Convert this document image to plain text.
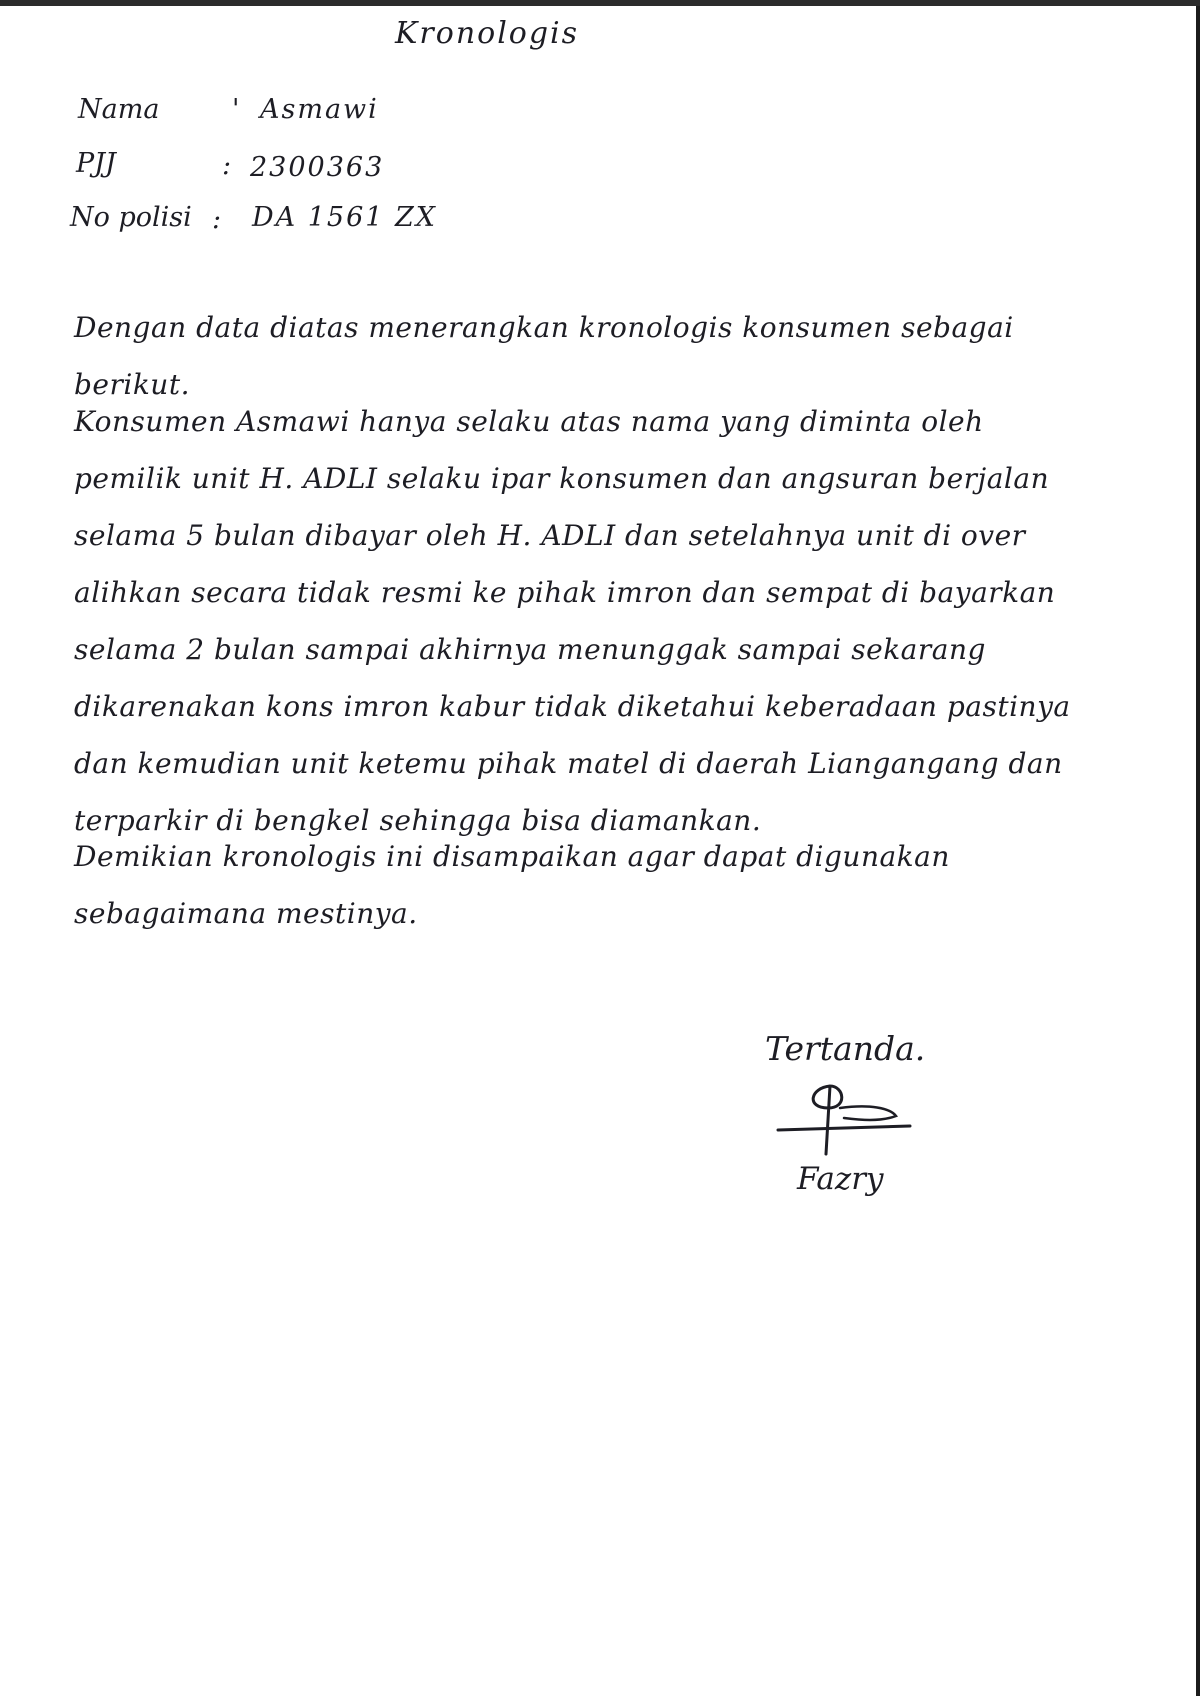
Kronologis
Nama	' Asmawi
PJJ	: 2300363
No polisi : DA 1561 ZX
Dengan data diatas menerangkan kronologis konsumen sebagai berikut.
Konsumen Asmawi hanya selaku atas nama yang diminta oleh pemilik unit H. ADLI selaku ipar konsumen dan angsuran berjalan selama 5 bulan dibayar oleh H. ADLI dan setelahnya unit di over alihkan secara tidak resmi ke pihak imron dan sempat di bayarkan selama 2 bulan sampai akhirnya menunggak sampai sekarang dikarenakan kons imron kabur tidak diketahui keberadaan pastinya dan kemudian unit ketemu pihak matel di daerah Liangangang dan terparkir di bengkel sehingga bisa diamankan.
Demikian kronologis ini disampaikan agar dapat digunakan sebagaimana mestinya.
Tertanda.
Fazry
